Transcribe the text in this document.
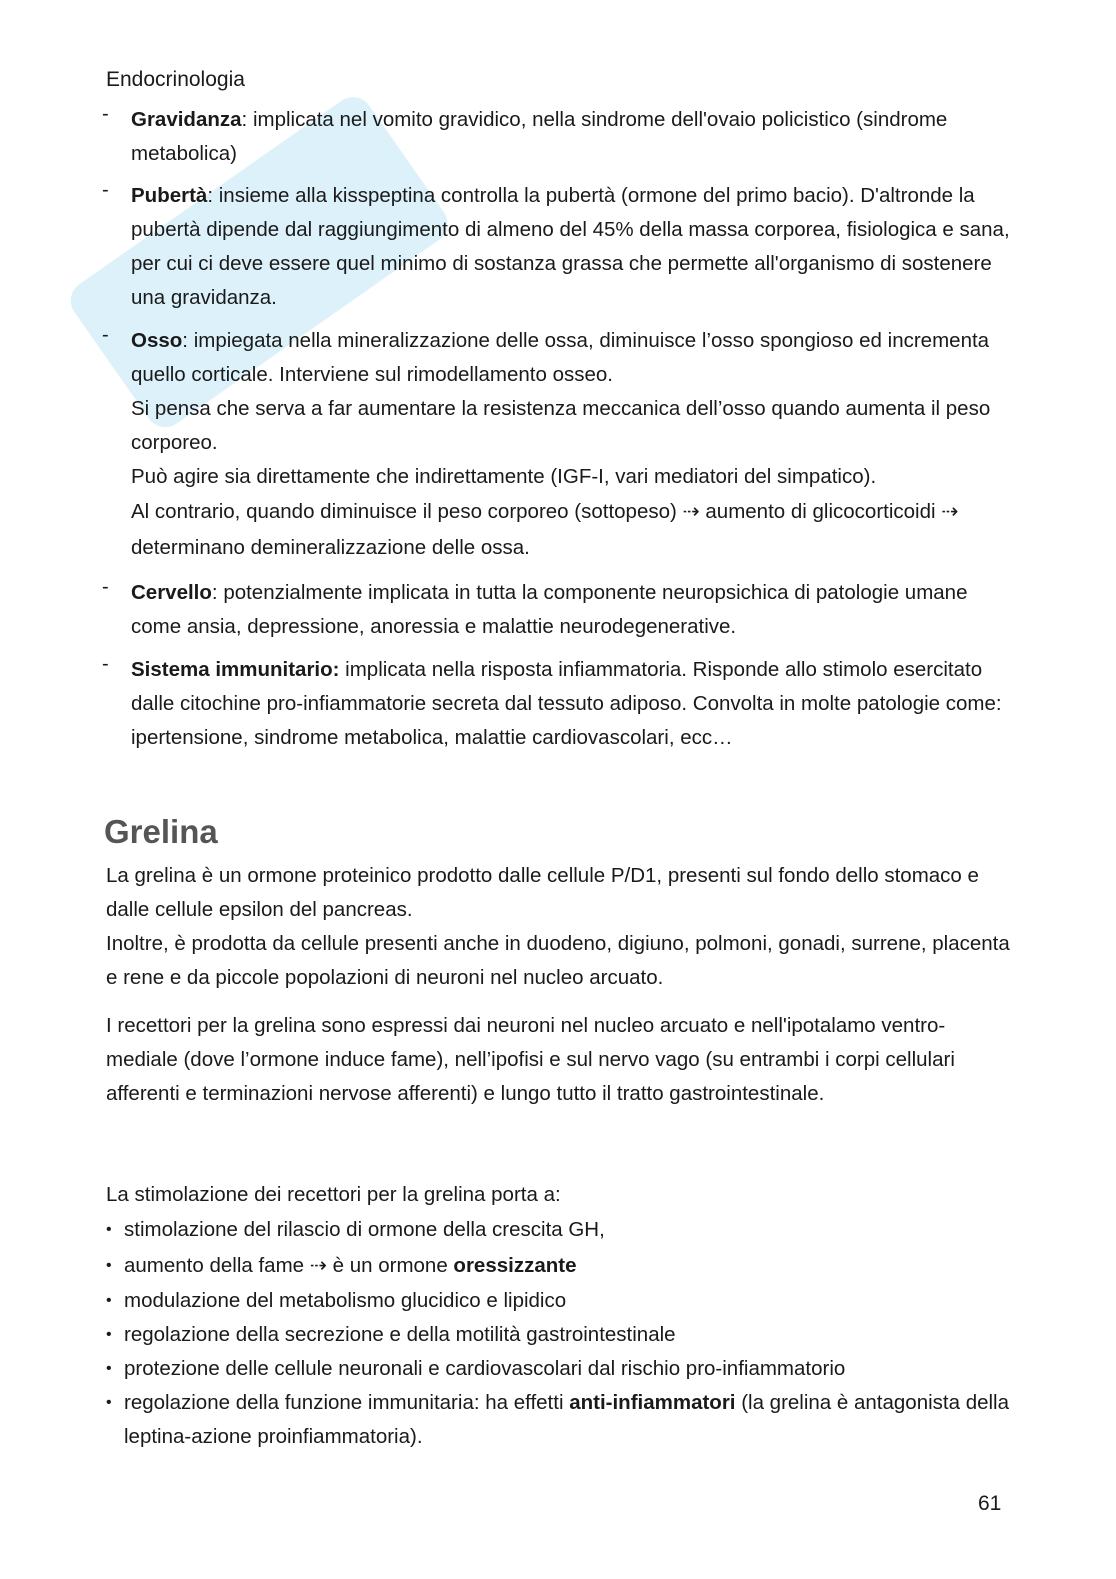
Endocrinologia
- Gravidanza: implicata nel vomito gravidico, nella sindrome dell'ovaio policistico (sindrome metabolica)

- Pubertà: insieme alla kisspeptina controlla la pubertà (ormone del primo bacio). D'altronde la pubertà dipende dal raggiungimento di almeno del 45% della massa corporea, fisiologica e sana, per cui ci deve essere quel minimo di sostanza grassa che permette all'organismo di sostenere una gravidanza.

- Osso: impiegata nella mineralizzazione delle ossa, diminuisce l’osso spongioso ed incrementa quello corticale. Interviene sul rimodellamento osseo.

Si pensa che serva a far aumentare la resistenza meccanica dell’osso quando aumenta il peso corporeo.

Può agire sia direttamente che indirettamente (IGF-I, vari mediatori del simpatico).

Al contrario, quando diminuisce il peso corporeo (sottopeso) ⇢ aumento di glicocorticoidi ⇢ determinano demineralizzazione delle ossa.

- Cervello: potenzialmente implicata in tutta la componente neuropsichica di patologie umane come ansia, depressione, anoressia e malattie neurodegenerative.

- Sistema immunitario: implicata nella risposta infiammatoria. Risponde allo stimolo esercitato dalle citochine pro-infiammatorie secreta dal tessuto adiposo. Convolta in molte patologie come: ipertensione, sindrome metabolica, malattie cardiovascolari, ecc…

Grelina

La grelina è un ormone proteinico prodotto dalle cellule P/D1, presenti sul fondo dello stomaco e dalle cellule epsilon del pancreas.

Inoltre, è prodotta da cellule presenti anche in duodeno, digiuno, polmoni, gonadi, surrene, placenta e rene e da piccole popolazioni di neuroni nel nucleo arcuato.

I recettori per la grelina sono espressi dai neuroni nel nucleo arcuato e nell'ipotalamo ventro-mediale (dove l’ormone induce fame), nell’ipofisi e sul nervo vago (su entrambi i corpi cellulari afferenti e terminazioni nervose afferenti) e lungo tutto il tratto gastrointestinale.

La stimolazione dei recettori per la grelina porta a:

• stimolazione del rilascio di ormone della crescita GH,
• aumento della fame ⇢ è un ormone oressizzante
• modulazione del metabolismo glucidico e lipidico
• regolazione della secrezione e della motilità gastrointestinale
• protezione delle cellule neuronali e cardiovascolari dal rischio pro-infiammatorio
• regolazione della funzione immunitaria: ha effetti anti-infiammatori (la grelina è antagonista della leptina-azione proinfiammatoria).
61
